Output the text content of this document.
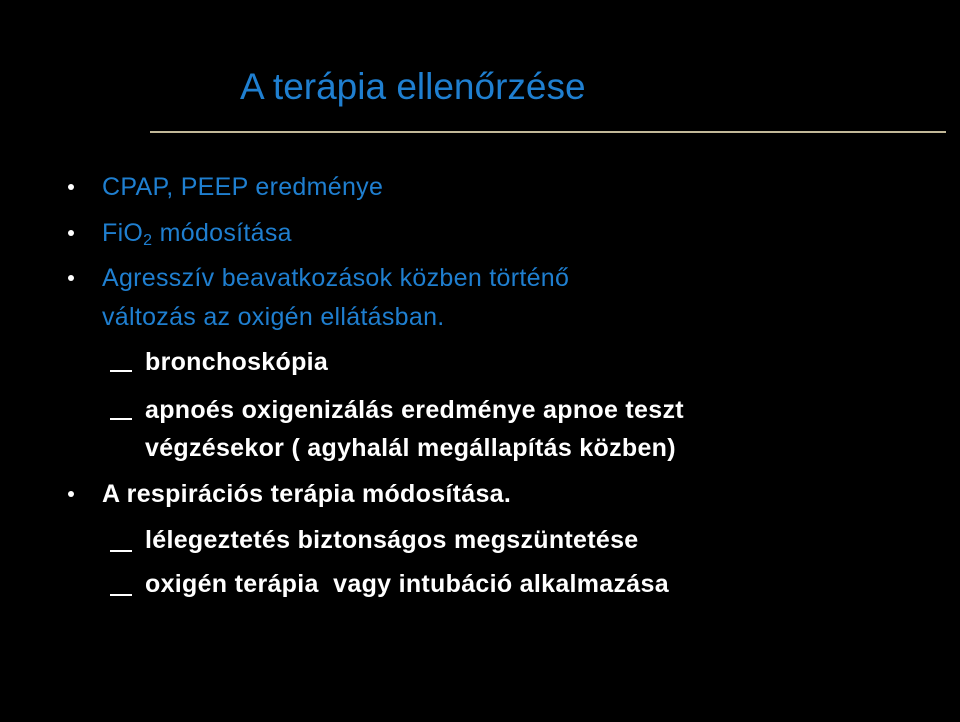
A terápia ellenőrzése
CPAP, PEEP eredménye
FiO$_2$ módosítása
Agresszív beavatkozások közben történő
változás az oxigén ellátásban.
bronchoskópia
apnoés oxigenizálás eredménye apnoe teszt
végzésekor ( agyhalál megállapítás közben)
A respirációs terápia módosítása.
lélegeztetés biztonságos megszüntetése
oxigén terápia  vagy intubáció alkalmazása
